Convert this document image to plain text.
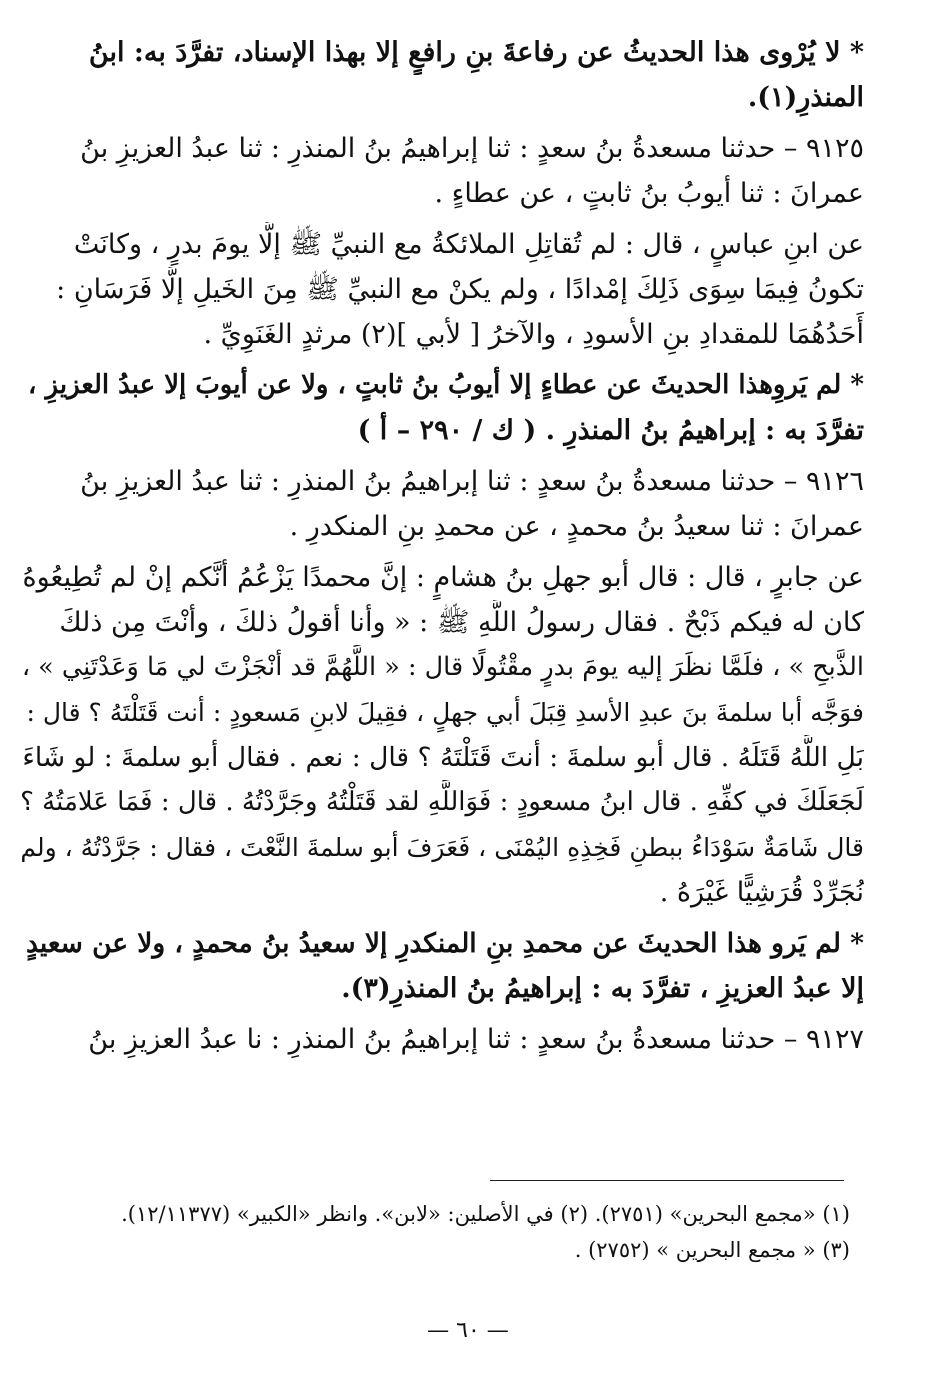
* لا يُرْوى هذا الحديثُ عن رفاعةَ بنِ رافعٍ إلا بهذا الإسناد، تفرَّدَ به: ابنُ
المنذرِ(١).
٩١٢٥ – حدثنا مسعدةُ بنُ سعدٍ : ثنا إبراهيمُ بنُ المنذرِ : ثنا عبدُ العزيزِ بنُ
عمرانَ : ثنا أيوبُ بنُ ثابتٍ ، عن عطاءٍ .
عن ابنِ عباسٍ ، قال : لم تُقاتِلِ الملائكةُ مع النبيِّ ﷺ إلَّا يومَ بدرٍ ، وكانَتْ
تكونُ فِيمَا سِوَى ذَلِكَ إمْدادًا ، ولم يكنْ مع النبيِّ ﷺ مِنَ الخَيلِ إلَّا فَرَسَانِ :
أَحَدُهُمَا للمقدادِ بنِ الأسودِ ، والآخرُ [ لأبي ](٢) مرثدٍ الغَنَوِيِّ .
* لم يَروِهذا الحديثَ عن عطاءٍ إلا أيوبُ بنُ ثابتٍ ، ولا عن أيوبَ إلا عبدُ العزيزِ ،
تفرَّدَ به : إبراهيمُ بنُ المنذرِ . ( ك / ٢٩٠ – أ )
٩١٢٦ – حدثنا مسعدةُ بنُ سعدٍ : ثنا إبراهيمُ بنُ المنذرِ : ثنا عبدُ العزيزِ بنُ
عمرانَ : ثنا سعيدُ بنُ محمدٍ ، عن محمدِ بنِ المنكدرِ .
عن جابرٍ ، قال : قال أبو جهلِ بنُ هشامٍ : إنَّ محمدًا يَزْعُمُ أنَّكم إنْ لم تُطِيعُوهُ
كان له فيكم ذَبْحٌ . فقال رسولُ اللَّهِ ﷺ : « وأنا أقولُ ذلكَ ، وأنْتَ مِن ذلكَ
الذَّبحِ » ، فلَمَّا نظَرَ إليه يومَ بدرٍ مقْتُولًا قال : « اللَّهُمَّ قد أنْجَزْتَ لي مَا وَعَدْتَنِي » ،
فوَجَّه أبا سلمةَ بنَ عبدِ الأسدِ قِبَلَ أبي جهلٍ ، فقِيلَ لابنِ مَسعودٍ : أنت قَتَلْتَهُ ؟ قال :
بَلِ اللَّهُ قَتَلَهُ . قال أبو سلمةَ : أنتَ قَتَلْتَهُ ؟ قال : نعم . فقال أبو سلمةَ : لو شَاءَ
لَجَعَلَكَ في كفِّهِ . قال ابنُ مسعودٍ : فَوَاللَّهِ لقد قَتَلْتُهُ وجَرَّدْتُهُ . قال : فَمَا عَلامَتُهُ ؟
قال شَامَةٌ سَوْدَاءُ ببطنِ فَخِذِهِ اليُمْنَى ، فَعَرَفَ أبو سلمةَ النَّعْتَ ، فقال : جَرَّدْتُهُ ، ولم
نُجَرِّدْ قُرَشِيًّا غَيْرَهُ .
* لم يَرو هذا الحديثَ عن محمدِ بنِ المنكدرِ إلا سعيدُ بنُ محمدٍ ، ولا عن سعيدٍ
إلا عبدُ العزيزِ ، تفرَّدَ به : إبراهيمُ بنُ المنذرِ(٣).
٩١٢٧ – حدثنا مسعدةُ بنُ سعدٍ : ثنا إبراهيمُ بنُ المنذرِ : نا عبدُ العزيزِ بنُ
(١) «مجمع البحرين» (٢٧٥١). (٢) في الأصلين: «لابن». وانظر «الكبير» (١٢/١١٣٧٧).
(٣) « مجمع البحرين » (٢٧٥٢) .
— ٦٠ —
